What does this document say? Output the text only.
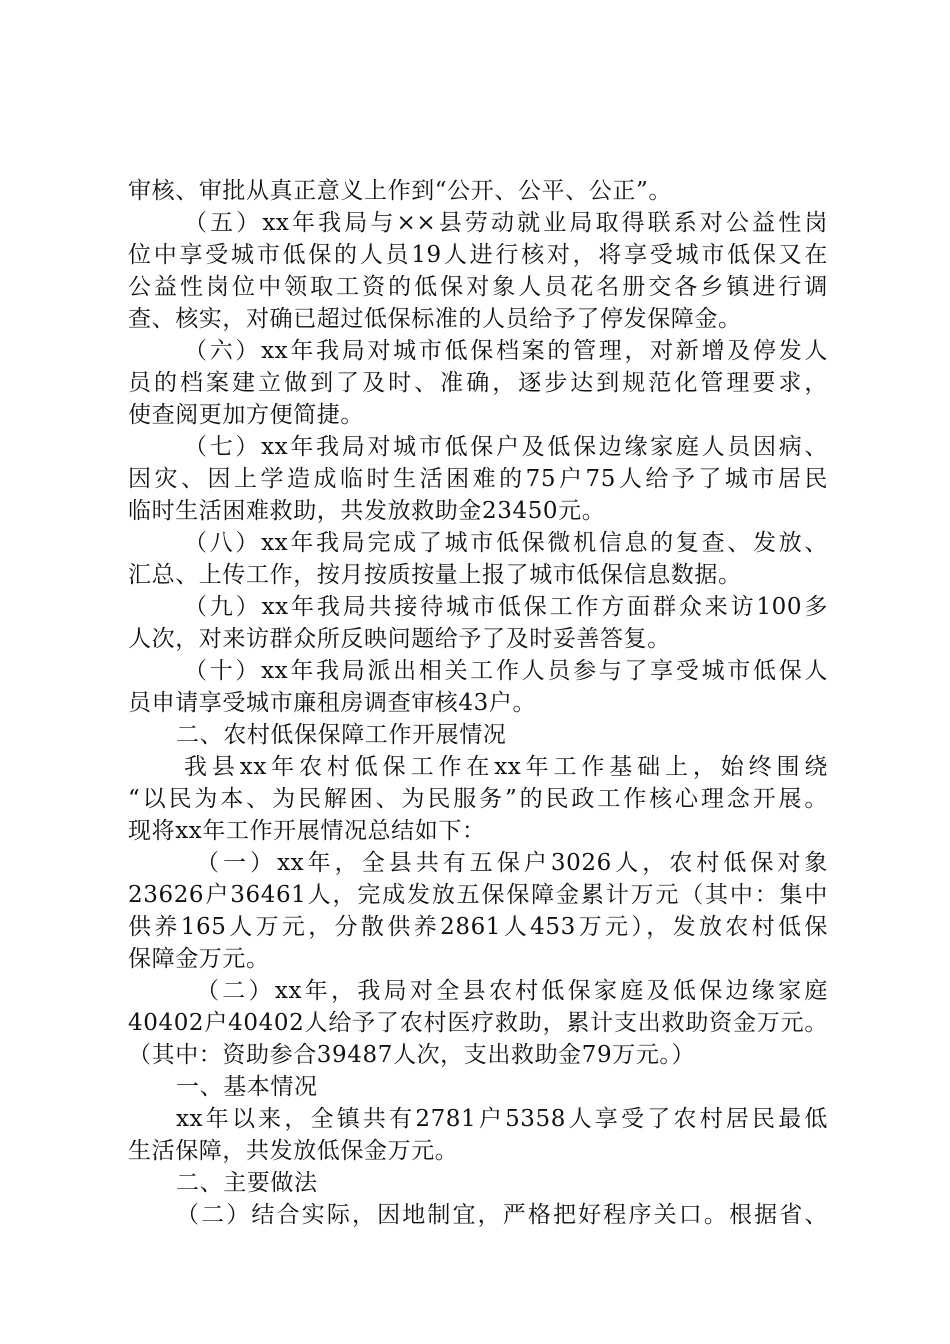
审核、审批从真正意义上作到“公开、公平、公正”。
（五）xx年我局与××县劳动就业局取得联系对公益性岗
位中享受城市低保的人员19人进行核对，将享受城市低保又在
公益性岗位中领取工资的低保对象人员花名册交各乡镇进行调
查、核实，对确已超过低保标准的人员给予了停发保障金。
（六）xx年我局对城市低保档案的管理，对新增及停发人
员的档案建立做到了及时、准确，逐步达到规范化管理要求，
使查阅更加方便简捷。
（七）xx年我局对城市低保户及低保边缘家庭人员因病、
因灾、因上学造成临时生活困难的75户75人给予了城市居民
临时生活困难救助，共发放救助金23450元。
（八）xx年我局完成了城市低保微机信息的复查、发放、
汇总、上传工作，按月按质按量上报了城市低保信息数据。
（九）xx年我局共接待城市低保工作方面群众来访100多
人次，对来访群众所反映问题给予了及时妥善答复。
（十）xx年我局派出相关工作人员参与了享受城市低保人
员申请享受城市廉租房调查审核43户。
二、农村低保保障工作开展情况
我县xx年农村低保工作在xx年工作基础上，始终围绕
“以民为本、为民解困、为民服务”的民政工作核心理念开展。
现将xx年工作开展情况总结如下：
（一）xx年，全县共有五保户3026人，农村低保对象
23626户36461人，完成发放五保保障金累计万元（其中：集中
供养165人万元，分散供养2861人453万元），发放农村低保
保障金万元。
（二）xx年，我局对全县农村低保家庭及低保边缘家庭
40402户40402人给予了农村医疗救助，累计支出救助资金万元。
（其中：资助参合39487人次，支出救助金79万元。）
一、基本情况
xx年以来，全镇共有2781户5358人享受了农村居民最低
生活保障，共发放低保金万元。
二、主要做法
（二）结合实际，因地制宜，严格把好程序关口。根据省、
